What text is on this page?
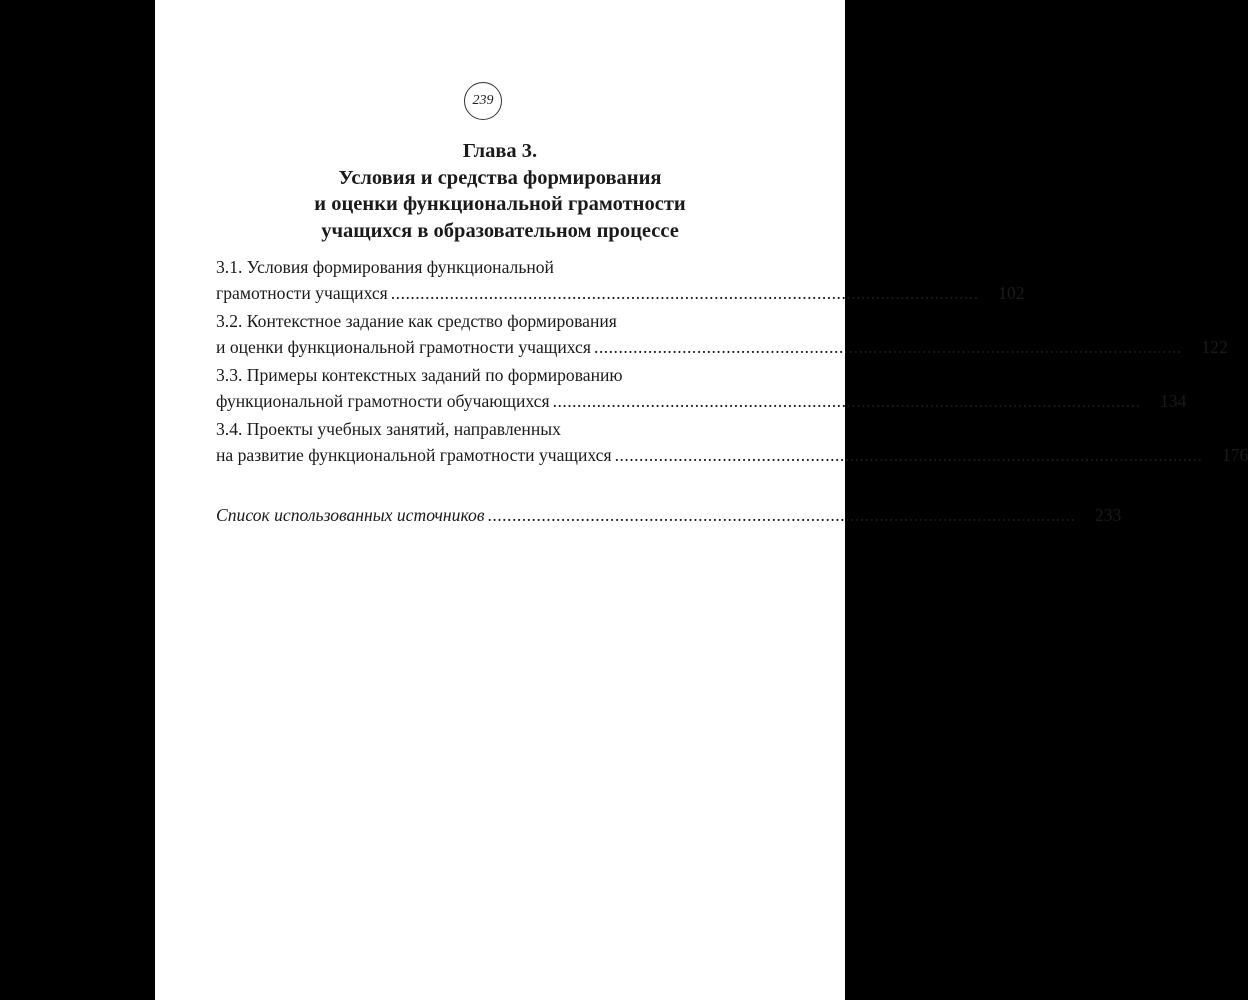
239
Глава 3.
Условия и средства формирования
и оценки функциональной грамотности
учащихся в образовательном процессе
3.1. Условия формирования функциональной
грамотности учащихся ........................................................................................................................	102
3.2. Контекстное задание как средство формирования
и оценки функциональной грамотности учащихся ........................................................................................................................	122
3.3. Примеры контекстных заданий по формированию
функциональной грамотности обучающихся ........................................................................................................................	134
3.4. Проекты учебных занятий, направленных
на развитие функциональной грамотности учащихся ........................................................................................................................	176
Список использованных источников ........................................................................................................................	233
